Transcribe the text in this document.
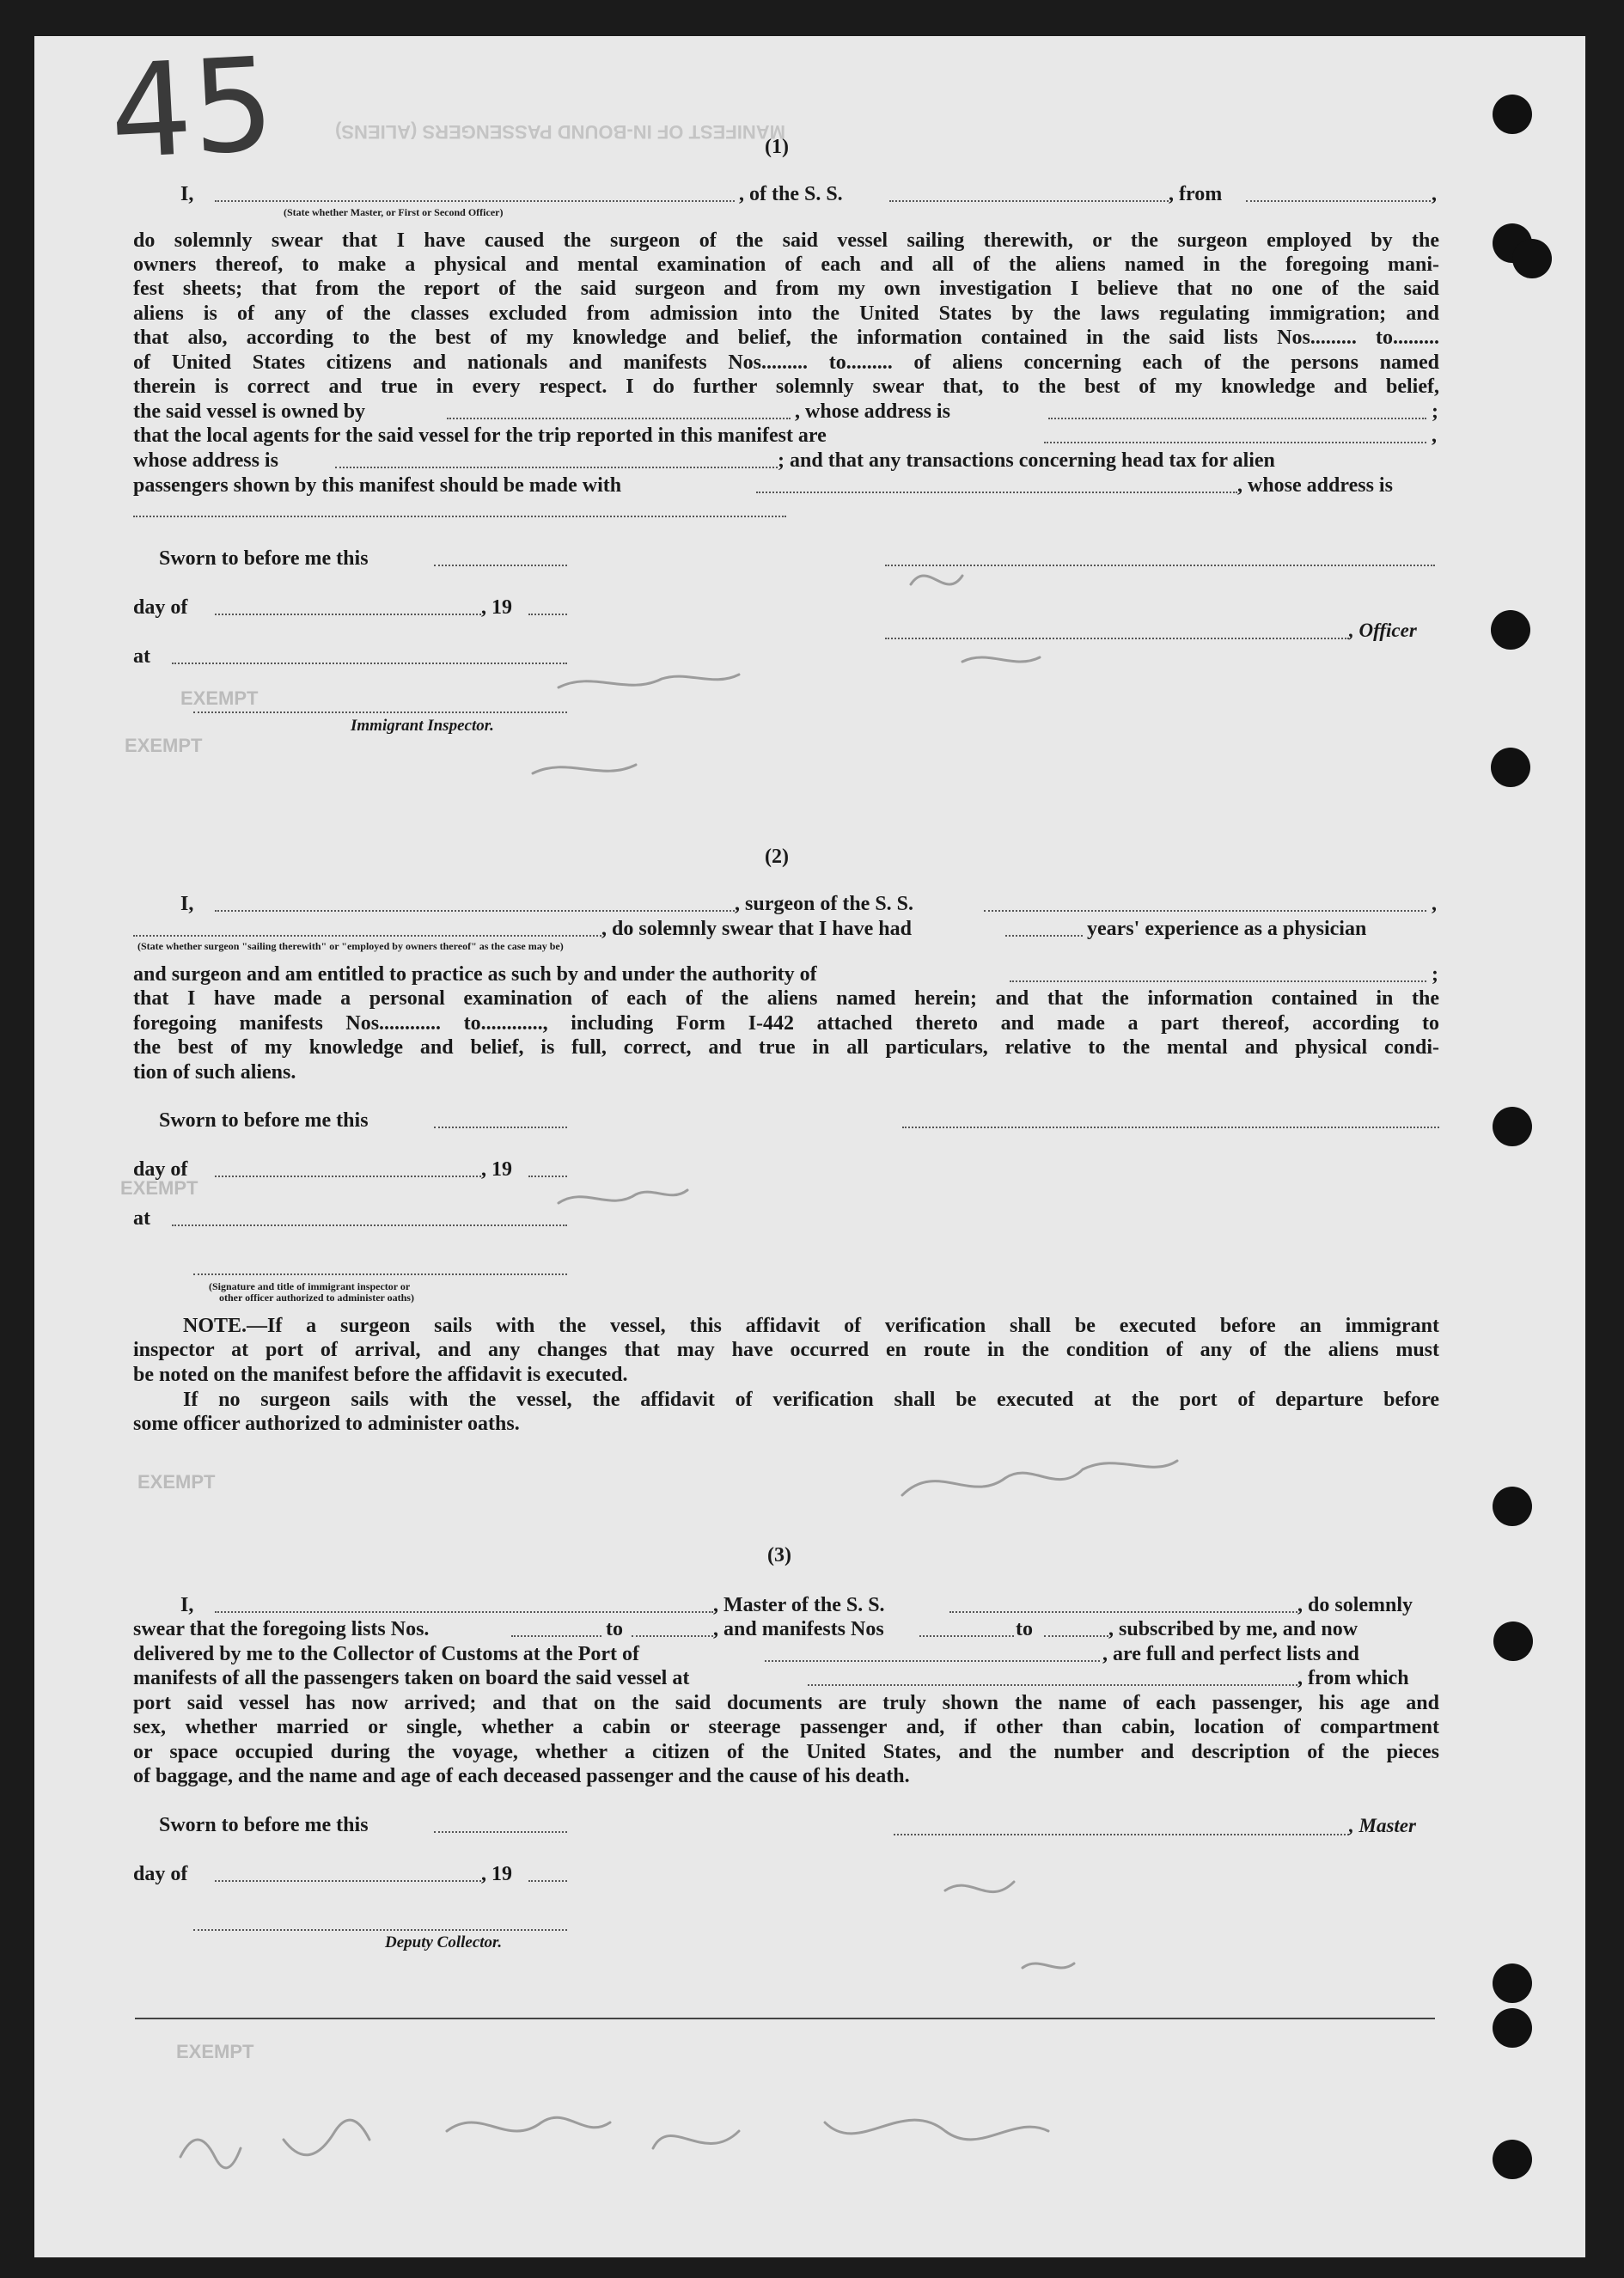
45	MANIFEST OF IN-BOUND PASSENGERS (ALIENS)
EXEMPT
EXEMPT
EXEMPT
EXEMPT
EXEMPT
(1)
I,	, of the S. S.	, from	,
(State whether Master, or First or Second Officer)
do solemnly swear that I have caused the surgeon of the said vessel sailing therewith, or the surgeon employed by the
owners thereof, to make a physical and mental examination of each and all of the aliens named in the foregoing mani-
fest sheets; that from the report of the said surgeon and from my own investigation I believe that no one of the said
aliens is of any of the classes excluded from admission into the United States by the laws regulating immigration; and
that also, according to the best of my knowledge and belief, the information contained in the said lists Nos......... to.........
of United States citizens and nationals and manifests Nos......... to......... of aliens concerning each of the persons named
therein is correct and true in every respect. I do further solemnly swear that, to the best of my knowledge and belief,
the said vessel is owned by	, whose address is	;
that the local agents for the said vessel for the trip reported in this manifest are	,
whose address is	; and that any transactions concerning head tax for alien
passengers shown by this manifest should be made with	, whose address is
Sworn to before me this
day of	, 19
, Officer
at
Immigrant Inspector.
(2)
I,	, surgeon of the S. S.	,
, do solemnly swear that I have had	years' experience as a physician
(State whether surgeon "sailing therewith" or "employed by owners thereof" as the case may be)
and surgeon and am entitled to practice as such by and under the authority of	;
that I have made a personal examination of each of the aliens named herein; and that the information contained in the
foregoing manifests Nos............ to............, including Form I-442 attached thereto and made a part thereof, according to
the best of my knowledge and belief, is full, correct, and true in all particulars, relative to the mental and physical condi-
tion of such aliens.
Sworn to before me this
day of	, 19
at
(Signature and title of immigrant inspector or
other officer authorized to administer oaths)
NOTE.—If a surgeon sails with the vessel, this affidavit of verification shall be executed before an immigrant
inspector at port of arrival, and any changes that may have occurred en route in the condition of any of the aliens must
be noted on the manifest before the affidavit is executed.
If no surgeon sails with the vessel, the affidavit of verification shall be executed at the port of departure before
some officer authorized to administer oaths.
(3)
I,	, Master of the S. S.	, do solemnly
swear that the foregoing lists Nos.	to	, and manifests Nos	to	, subscribed by me, and now
delivered by me to the Collector of Customs at the Port of	, are full and perfect lists and
manifests of all the passengers taken on board the said vessel at	, from which
port said vessel has now arrived; and that on the said documents are truly shown the name of each passenger, his age and
sex, whether married or single, whether a cabin or steerage passenger and, if other than cabin, location of compartment
or space occupied during the voyage, whether a citizen of the United States, and the number and description of the pieces
of baggage, and the name and age of each deceased passenger and the cause of his death.
Sworn to before me this	, Master
day of	, 19
Deputy Collector.
